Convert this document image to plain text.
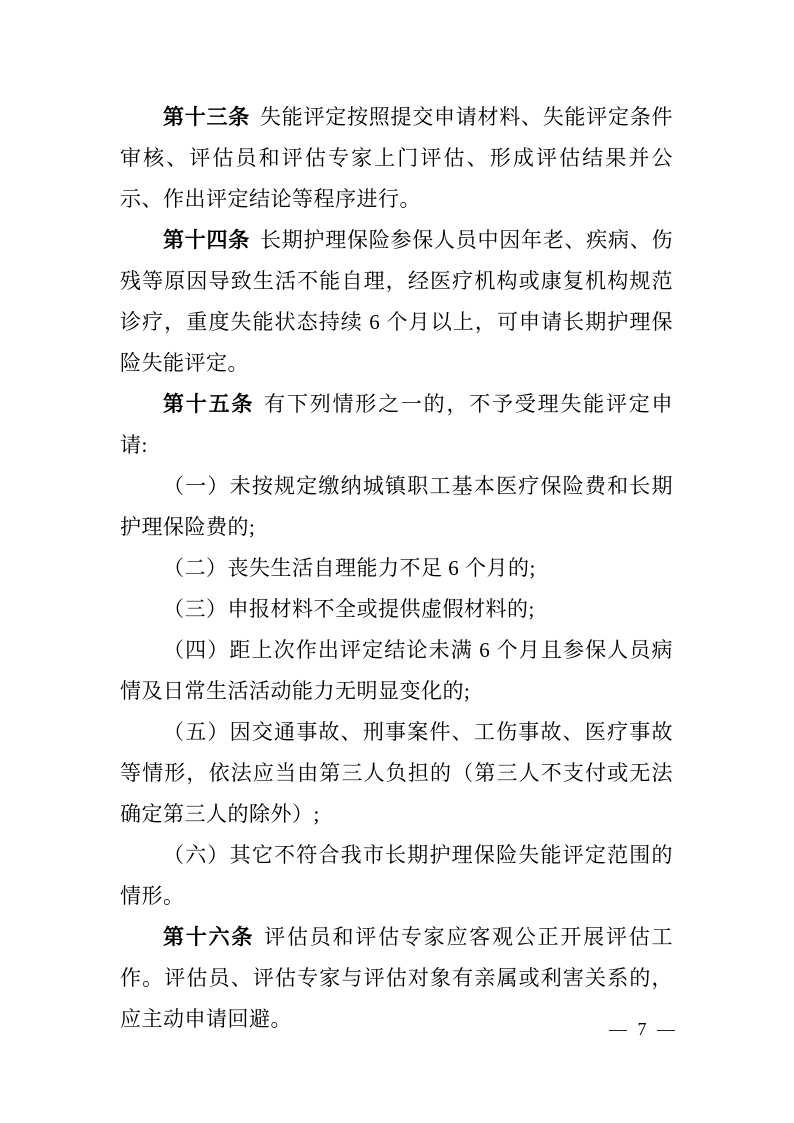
第十三条 失能评定按照提交申请材料、失能评定条件审核、评估员和评估专家上门评估、形成评估结果并公示、作出评定结论等程序进行。

第十四条 长期护理保险参保人员中因年老、疾病、伤残等原因导致生活不能自理，经医疗机构或康复机构规范诊疗，重度失能状态持续 6 个月以上，可申请长期护理保险失能评定。

第十五条 有下列情形之一的，不予受理失能评定申请:

（一）未按规定缴纳城镇职工基本医疗保险费和长期护理保险费的;

（二）丧失生活自理能力不足 6 个月的;

（三）申报材料不全或提供虚假材料的;

（四）距上次作出评定结论未满 6 个月且参保人员病情及日常生活活动能力无明显变化的;

（五）因交通事故、刑事案件、工伤事故、医疗事故等情形，依法应当由第三人负担的（第三人不支付或无法确定第三人的除外）;

（六）其它不符合我市长期护理保险失能评定范围的情形。

第十六条 评估员和评估专家应客观公正开展评估工作。评估员、评估专家与评估对象有亲属或利害关系的，应主动申请回避。	— 7 —
